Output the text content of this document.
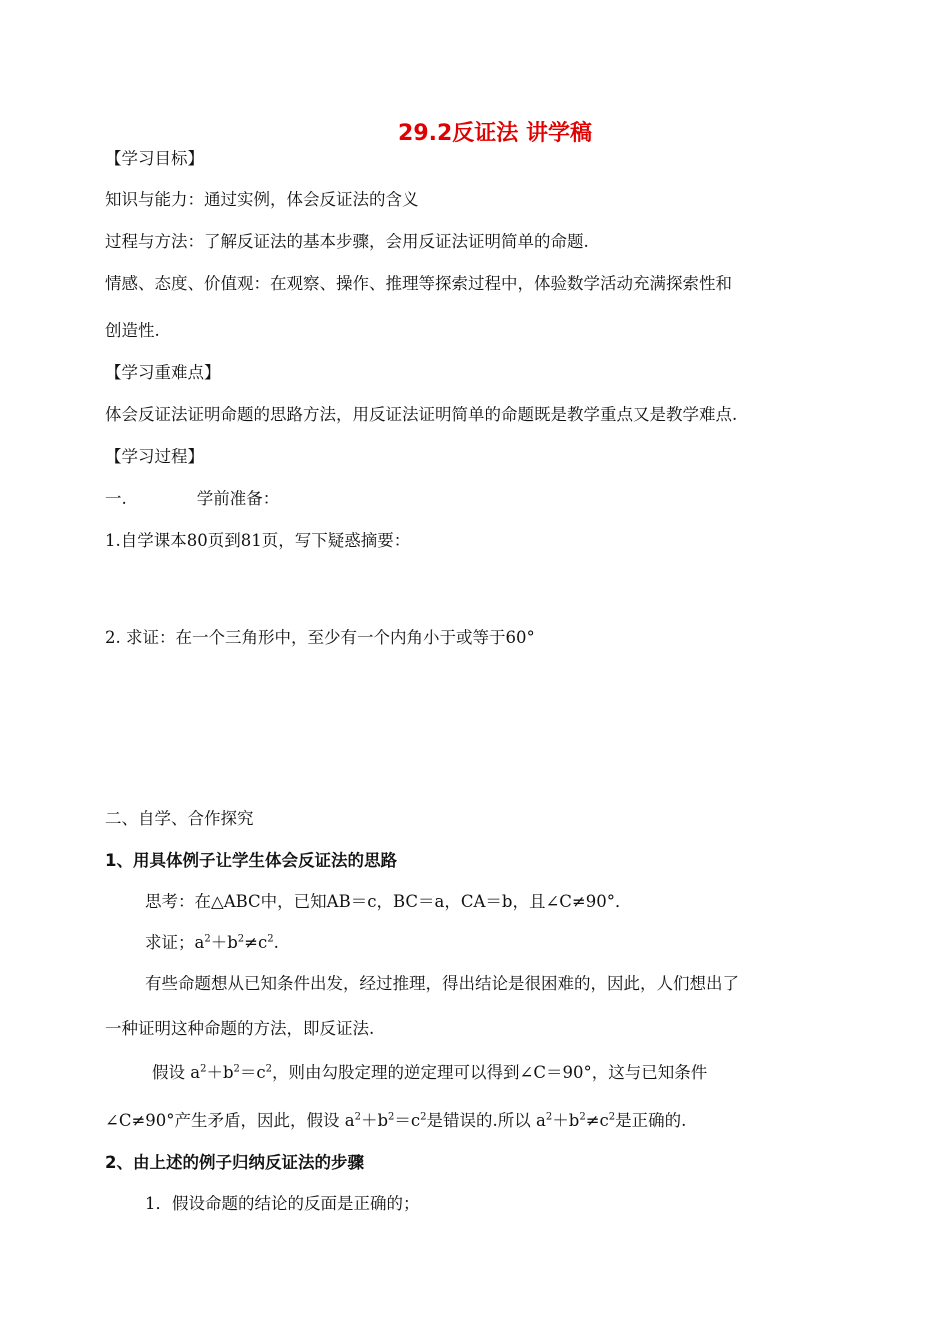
29.2反证法 讲学稿
【学习目标】
知识与能力：通过实例，体会反证法的含义
过程与方法：了解反证法的基本步骤，会用反证法证明简单的命题.
情感、态度、价值观：在观察、操作、推理等探索过程中，体验数学活动充满探索性和
创造性.
【学习重难点】
体会反证法证明命题的思路方法，用反证法证明简单的命题既是教学重点又是教学难点.
【学习过程】
一.	学前准备：
1.自学课本80页到81页，写下疑惑摘要：
2. 求证：在一个三角形中，至少有一个内角小于或等于60°
二、自学、合作探究
1、用具体例子让学生体会反证法的思路
思考：在△ABC中，已知AB＝c，BC＝a，CA＝b，且∠C≠90°．
求证；$a^2+b^2\ne c^2$.
有些命题想从已知条件出发，经过推理，得出结论是很困难的，因此，人们想出了
一种证明这种命题的方法，即反证法.
假设 $a^2+b^2=c^2$，则由勾股定理的逆定理可以得到∠C＝90°，这与已知条件
∠C≠90°产生矛盾，因此，假设 $a^2+b^2=c^2$是错误的.所以 $a^2+b^2\ne c^2$是正确的.
2、由上述的例子归纳反证法的步骤
1．假设命题的结论的反面是正确的；
